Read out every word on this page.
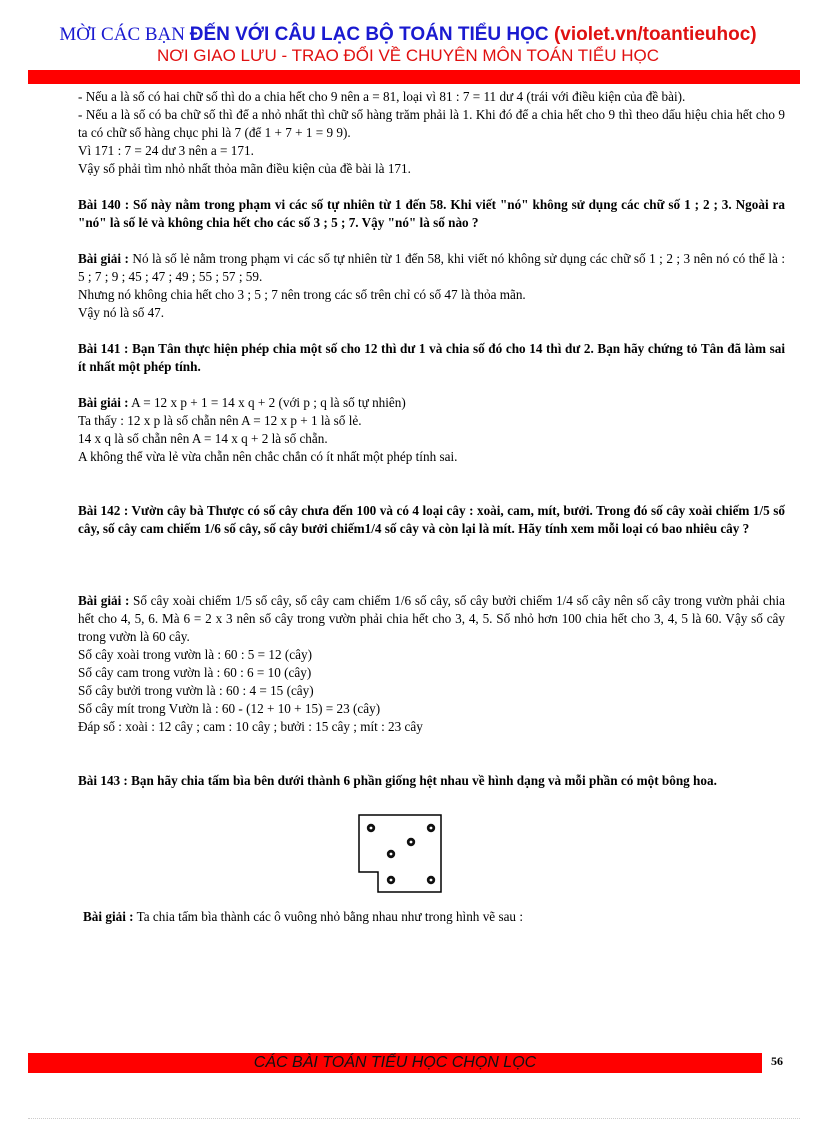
MỜI CÁC BẠN ĐẾN VỚI CÂU LẠC BỘ TOÁN TIỂU HỌC (violet.vn/toantieuhoc)
NƠI GIAO LƯU - TRAO ĐỔI VỀ CHUYÊN MÔN TOÁN TIỂU HỌC

- Nếu a là số có hai chữ số thì do a chia hết cho 9 nên a = 81, loại vì 81 : 7 = 11 dư 4 (trái với điều kiện của đề bài).

- Nếu a là số có ba chữ số thì để a nhỏ nhất thì chữ số hàng trăm phải là 1. Khi đó để a chia hết cho 9 thì theo dấu hiệu chia hết cho 9 ta có chữ số hàng chục phi là 7 (để 1 + 7 + 1 = 9 9).

Vì 171 : 7 = 24 dư 3 nên a = 171.

Vậy số phải tìm nhỏ nhất thỏa mãn điều kiện của đề bài là 171.

Bài 140 : Số này nằm trong phạm vi các số tự nhiên từ 1 đến 58. Khi viết "nó" không sử dụng các chữ số 1 ; 2 ; 3. Ngoài ra "nó" là số lẻ và không chia hết cho các số 3 ; 5 ; 7. Vậy "nó" là số nào ?

Bài giải : Nó là số lẻ nằm trong phạm vi các số tự nhiên từ 1 đến 58, khi viết nó không sử dụng các chữ số 1 ; 2 ; 3 nên nó có thể là : 5 ; 7 ; 9 ; 45 ; 47 ; 49 ; 55 ; 57 ; 59.

Nhưng nó không chia hết cho 3 ; 5 ; 7 nên trong các số trên chỉ có số 47 là thỏa mãn.

Vậy nó là số 47.

Bài 141 : Bạn Tân thực hiện phép chia một số cho 12 thì dư 1 và chia số đó cho 14 thì dư 2. Bạn hãy chứng tỏ Tân đã làm sai ít nhất một phép tính.

Bài giải : A = 12 x p + 1 = 14 x q + 2 (với p ; q là số tự nhiên)

Ta thấy : 12 x p là số chẵn nên A = 12 x p + 1 là số lẻ.

14 x q là số chẵn nên A = 14 x q + 2 là số chẵn.

A không thể vừa lẻ vừa chẵn nên chắc chắn có ít nhất một phép tính sai.

Bài 142 : Vườn cây bà Thược có số cây chưa đến 100 và có 4 loại cây : xoài, cam, mít, bưởi. Trong đó số cây xoài chiếm 1/5 số cây, số cây cam chiếm 1/6 số cây, số cây bưởi chiếm1/4 số cây và còn lại là mít. Hãy tính xem mỗi loại có bao nhiêu cây ?

Bài giải : Số cây xoài chiếm 1/5 số cây, số cây cam chiếm 1/6 số cây, số cây bưởi chiếm 1/4 số cây nên số cây trong vườn phải chia hết cho 4, 5, 6. Mà 6 = 2 x 3 nên số cây trong vườn phải chia hết cho 3, 4, 5. Số nhỏ hơn 100 chia hết cho 3, 4, 5 là 60. Vậy số cây trong vườn là 60 cây.

Số cây xoài trong vườn là : 60 : 5 = 12 (cây)

Số cây cam trong vườn là : 60 : 6 = 10 (cây)

Số cây bưởi trong vườn là : 60 : 4 = 15 (cây)

Số cây mít trong Vườn là : 60 - (12 + 10 + 15) = 23 (cây)

Đáp số : xoài : 12 cây ; cam : 10 cây ; bưởi : 15 cây ; mít : 23 cây

Bài 143 : Bạn hãy chia tấm bìa bên dưới thành 6 phần giống hệt nhau về hình dạng và mỗi phần có một bông hoa.

Bài giải : Ta chia tấm bìa thành các ô vuông nhỏ bằng nhau như trong hình vẽ sau :

CÁC BÀI TOÁN TIỂU HỌC CHỌN LỌC	56
